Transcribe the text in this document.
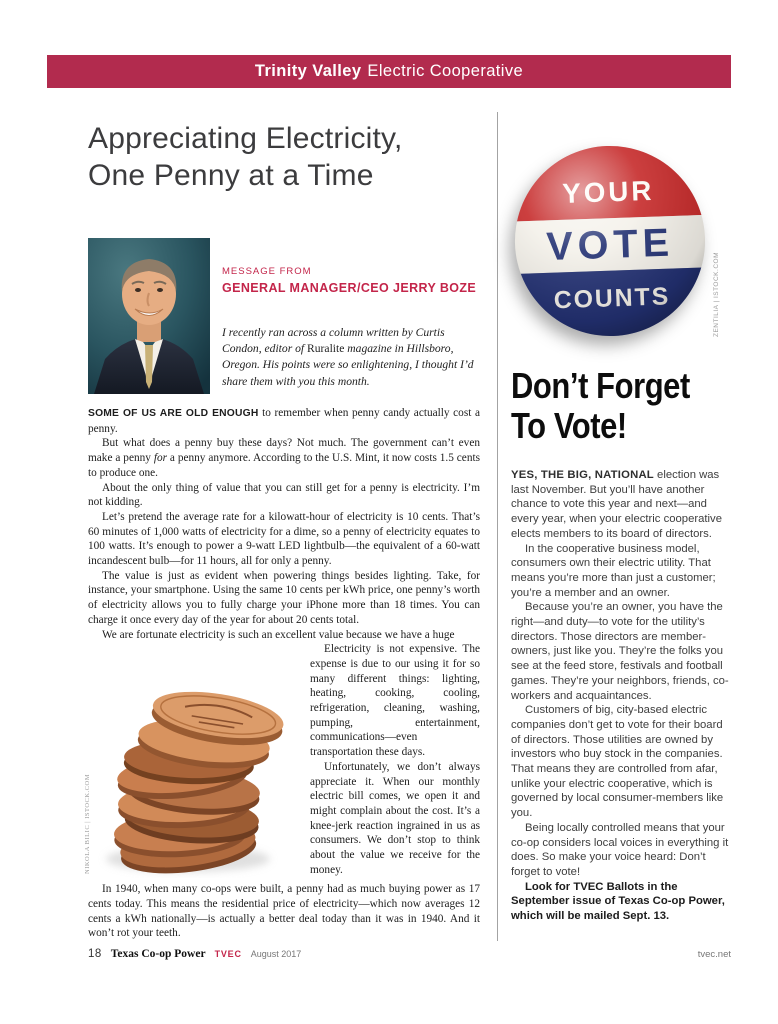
Trinity Valley Electric Cooperative
Appreciating Electricity,
One Penny at a Time
MESSAGE FROM
GENERAL MANAGER/CEO JERRY BOZE
I recently ran across a column written by Curtis Condon, editor of Ruralite magazine in Hillsboro, Oregon. His points were so enlightening, I thought I’d share them with you this month.

SOME OF US ARE OLD ENOUGH to remember when penny candy actually cost a penny.

But what does a penny buy these days? Not much. The government can’t even make a penny for a penny anymore. According to the U.S. Mint, it now costs 1.5 cents to produce one.

About the only thing of value that you can still get for a penny is electricity. I’m not kidding.

Let’s pretend the average rate for a kilowatt-hour of electricity is 10 cents. That’s 60 minutes of 1,000 watts of electricity for a dime, so a penny of electricity equates to 100 watts. It’s enough to power a 9-watt LED lightbulb—the equivalent of a 60-watt incandescent bulb—for 11 hours, all for only a penny.

The value is just as evident when powering things besides lighting. Take, for instance, your smartphone. Using the same 10 cents per kWh price, one penny’s worth of electricity allows you to fully charge your iPhone more than 18 times. You can charge it once every day of the year for about 20 cents total.

We are fortunate electricity is such an excellent value because we have a huge

NIKOLA BILIC | ISTOCK.COM

Electricity is not expensive. The expense is due to our using it for so many different things: lighting, heating, cooking, cooling, refrigeration, cleaning, washing, pumping, entertainment, communications—even transportation these days.

Unfortunately, we don’t always appreciate it. When our monthly electric bill comes, we open it and might complain about the cost. It’s a knee-jerk reaction ingrained in us as consumers. We don’t stop to think about the value we receive for the money.

In 1940, when many co-ops were built, a penny had as much buying power as 17 cents today. This means the residential price of electricity—which now averages 12 cents a kWh nationally—is actually a better deal today than it was in 1940. And it won’t rot your teeth.

ZENTILIA | ISTOCK.COM
Don’t Forget
To Vote!

YES, THE BIG, NATIONAL election was last November. But you’ll have another chance to vote this year and next—and every year, when your electric cooperative elects members to its board of directors.

In the cooperative business model, consumers own their electric utility. That means you’re more than just a customer; you’re a member and an owner.

Because you’re an owner, you have the right—and duty—to vote for the utility’s directors. Those directors are member-owners, just like you. They’re the folks you see at the feed store, festivals and football games. They’re your neighbors, friends, co-workers and acquaintances.

Customers of big, city-based electric companies don’t get to vote for their board of directors. Those utilities are owned by investors who buy stock in the companies. That means they are controlled from afar, unlike your electric cooperative, which is governed by local consumer-members like you.

Being locally controlled means that your co-op considers local voices in everything it does. So make your voice heard: Don’t forget to vote!

Look for TVEC Ballots in the September issue of Texas Co-op Power, which will be mailed Sept. 13.

18 Texas Co-op Power TVEC August 2017	tvec.net
